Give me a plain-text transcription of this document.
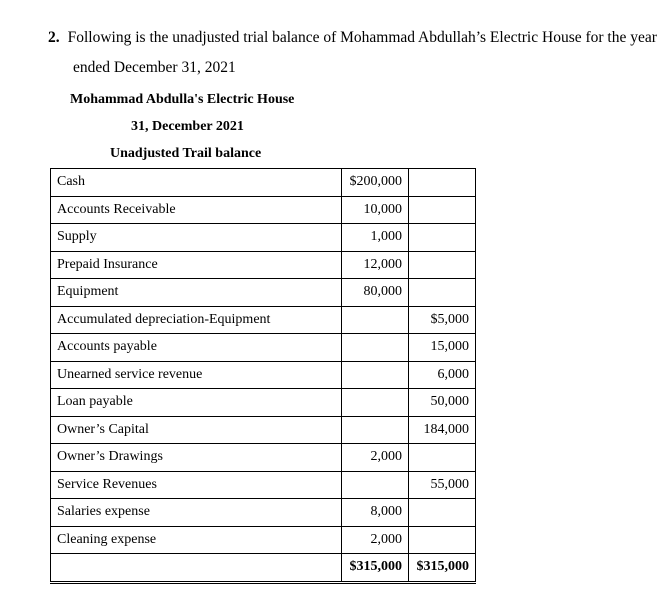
2. Following is the unadjusted trial balance of Mohammad Abdullah’s Electric House for the year
ended December 31, 2021
Mohammad Abdulla's Electric House
31, December 2021
Unadjusted Trail balance
Cash	$200,000		
Accounts Receivable	10,000		
Supply	1,000		
Prepaid Insurance	12,000		
Equipment	80,000		
Accumulated depreciation-Equipment		$5,000	
Accounts payable		15,000	
Unearned service revenue		6,000	
Loan payable		50,000	
Owner’s Capital		184,000	
Owner’s Drawings	2,000		
Service Revenues		55,000	
Salaries expense	8,000		
Cleaning expense	2,000		
	$315,000	$315,000	
